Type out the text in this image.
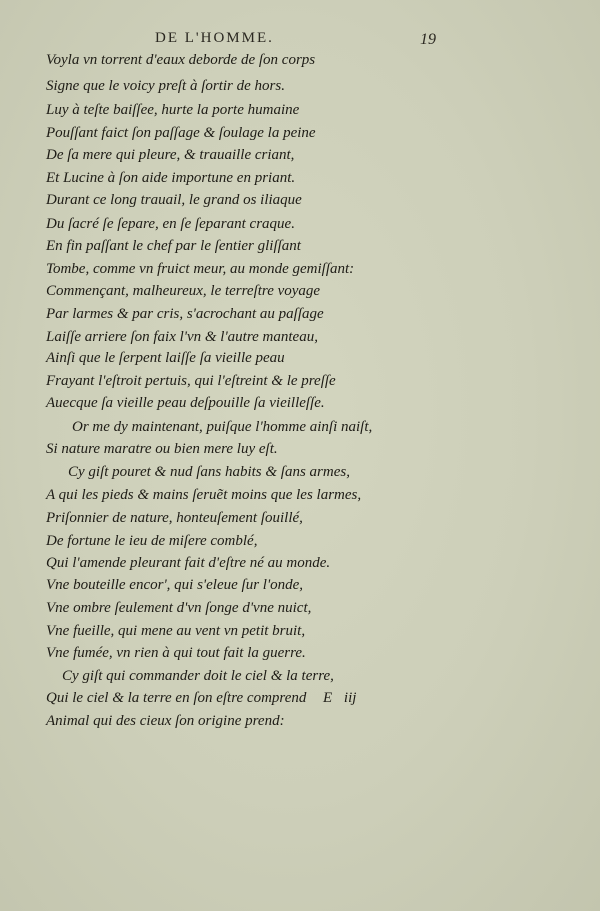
DE L'HOMME.	19
Voyla vn torrent d'eaux deborde de ſon corps
Signe que le voicy preſt à ſortir de hors.
Luy à teſte baiſſee, hurte la porte humaine
Pouſſant faict ſon paſſage & ſoulage la peine
De ſa mere qui pleure, & trauaille criant,
Et Lucine à ſon aide importune en priant.
Durant ce long trauail, le grand os iliaque
Du ſacré ſe ſepare, en ſe ſeparant craque.
En fin paſſant le chef par le ſentier gliſſant
Tombe, comme vn fruict meur, au monde gemiſſant:
Commençant, malheureux, le terreſtre voyage
Par larmes & par cris, s'acrochant au paſſage
Laiſſe arriere ſon faix l'vn & l'autre manteau,
Ainſi que le ſerpent laiſſe ſa vieille peau
Frayant l'eſtroit pertuis, qui l'eſtreint & le preſſe
Auecque ſa vieille peau deſpouille ſa vieilleſſe.
Or me dy maintenant, puiſque l'homme ainſi naiſt,
Si nature maratre ou bien mere luy eſt.
Cy giſt pouret & nud ſans habits & ſans armes,
A qui les pieds & mains ſeruẽt moins que les larmes,
Priſonnier de nature, honteuſement ſouillé,
De fortune le ieu de miſere comblé,
Qui l'amende pleurant fait d'eſtre né au monde.
Vne bouteille encor', qui s'eleue ſur l'onde,
Vne ombre ſeulement d'vn ſonge d'vne nuict,
Vne fueille, qui mene au vent vn petit bruit,
Vne fumée, vn rien à qui tout fait la guerre.
Cy giſt qui commander doit le ciel & la terre,
Qui le ciel & la terre en ſon eſtre comprend
Animal qui des cieux ſon origine prend:
E iij
